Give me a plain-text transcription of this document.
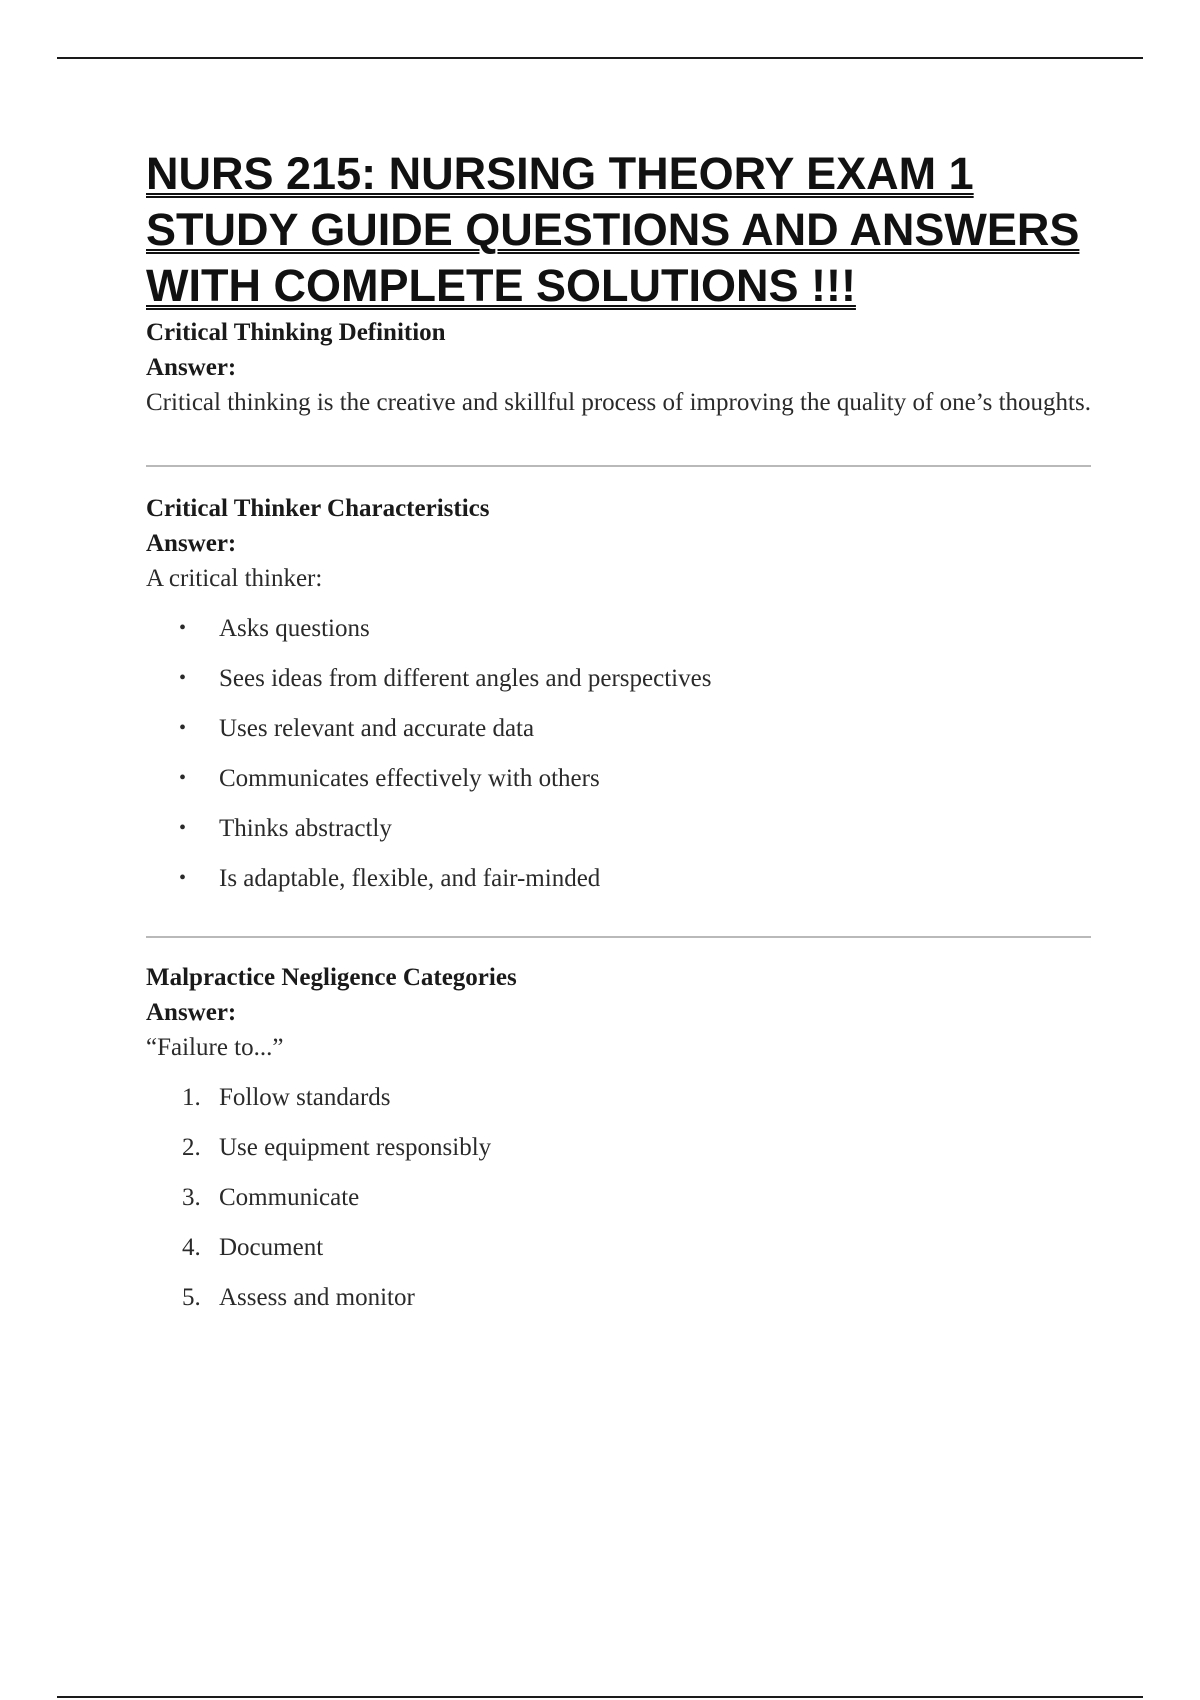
NURS 215: NURSING THEORY EXAM 1 STUDY GUIDE QUESTIONS AND ANSWERS WITH COMPLETE SOLUTIONS !!!
Critical Thinking Definition
Answer:
Critical thinking is the creative and skillful process of improving the quality of one’s thoughts.
Critical Thinker Characteristics
Answer:
A critical thinker:
• Asks questions
• Sees ideas from different angles and perspectives
• Uses relevant and accurate data
• Communicates effectively with others
• Thinks abstractly
• Is adaptable, flexible, and fair-minded
Malpractice Negligence Categories
Answer:
“Failure to...”
1. Follow standards
2. Use equipment responsibly
3. Communicate
4. Document
5. Assess and monitor
